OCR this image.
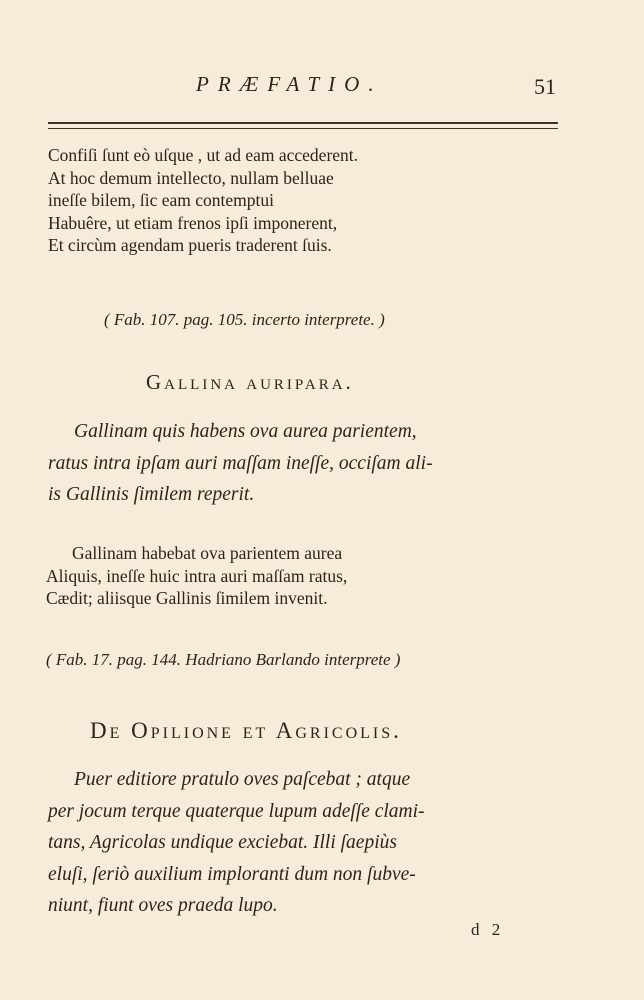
PRÆFATIO.	51
Confiſi ſunt eò uſque , ut ad eam accederent.
At hoc demum intellecto, nullam belluae
ineſſe bilem, ſic eam contemptui
Habuêre, ut etiam frenos ipſi imponerent,
Et circùm agendam pueris traderent ſuis.
( Fab. 107. pag. 105. incerto interprete. )
Gallina auripara.
Gallinam quis habens ova aurea parientem,
ratus intra ipſam auri maſſam ineſſe, occiſam ali-
is Gallinis ſimilem reperit.
Gallinam habebat ova parientem aurea
Aliquis, ineſſe huic intra auri maſſam ratus,
Cædit; aliisque Gallinis ſimilem invenit.
( Fab. 17. pag. 144. Hadriano Barlando interprete )
De Opilione et Agricolis.
Puer editiore pratulo oves paſcebat ; atque
per jocum terque quaterque lupum adeſſe clami-
tans, Agricolas undique exciebat. Illi ſaepiùs
eluſi, ſeriò auxilium imploranti dum non ſubve-
niunt, fiunt oves praeda lupo.
d 2
